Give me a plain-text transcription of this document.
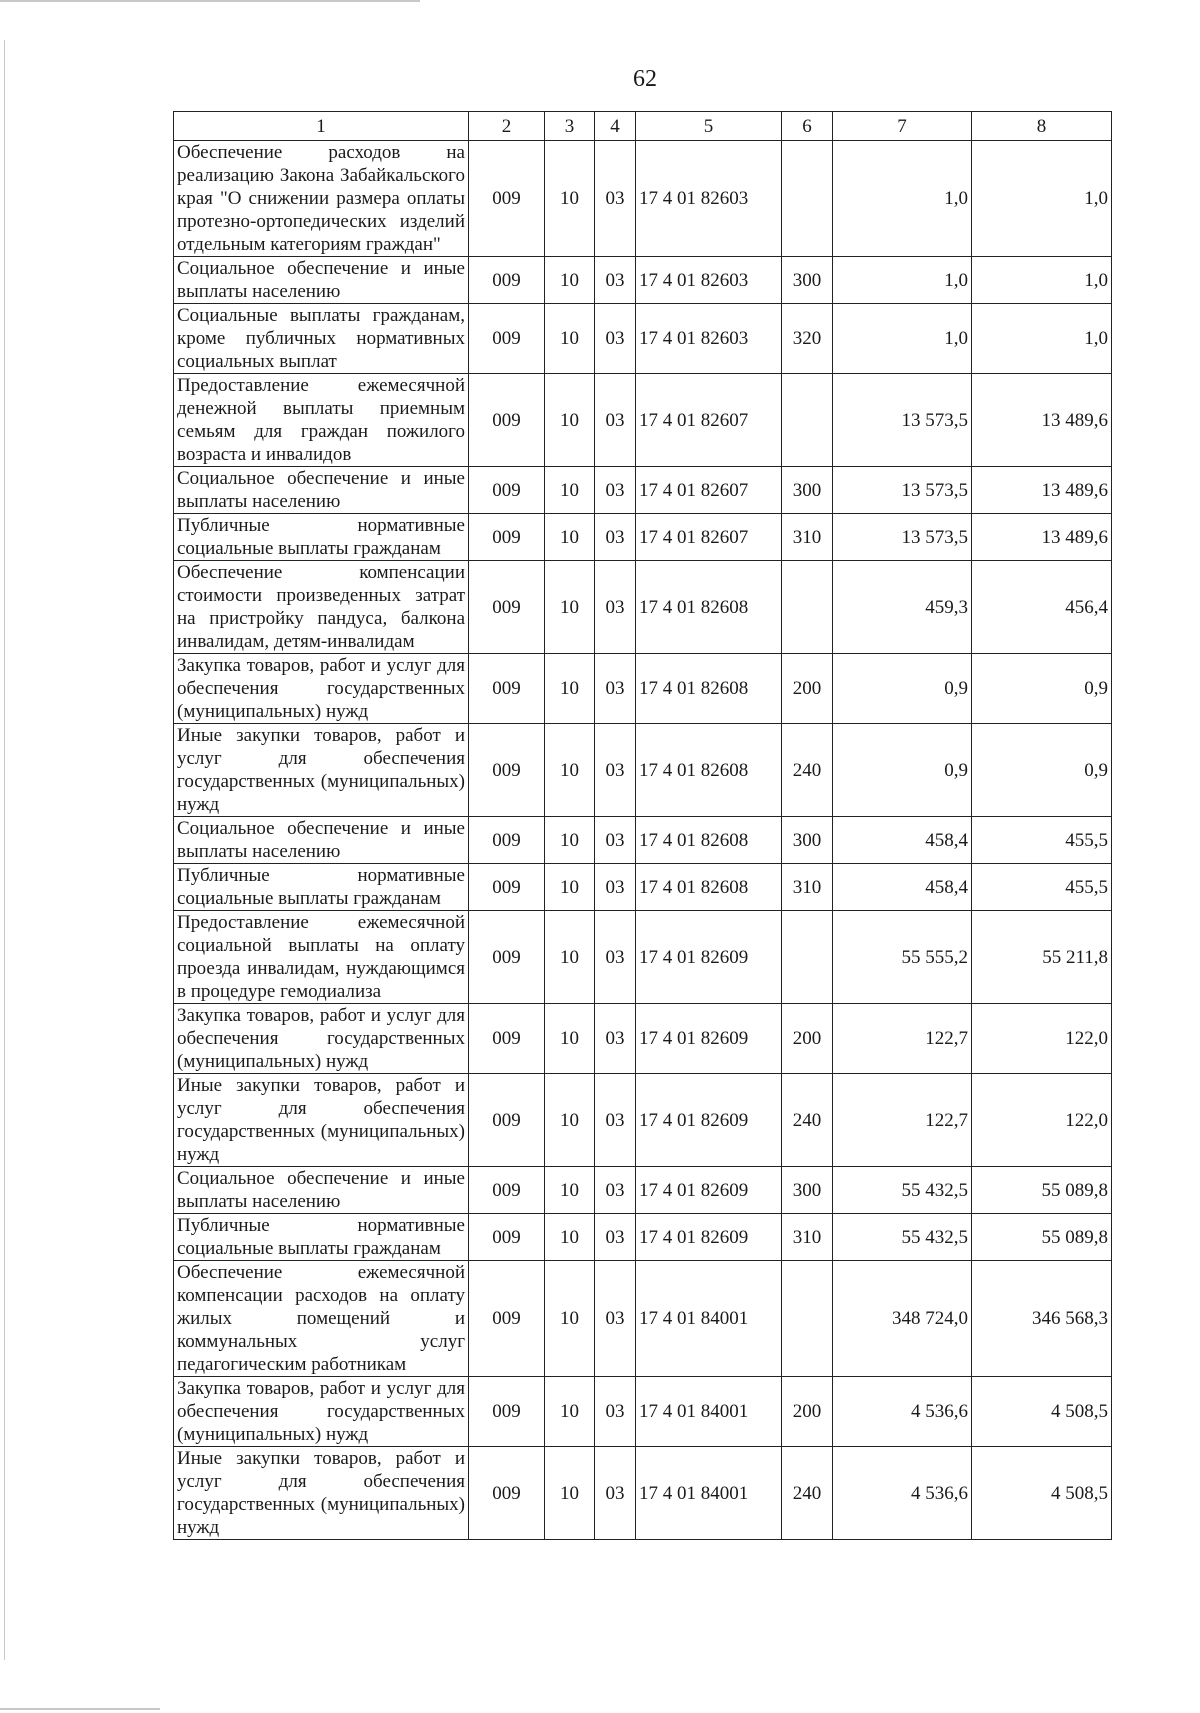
62
1	2	3	4	5	6	7	8
Обеспечение расходов на реализацию Закона Забайкальского края "О снижении размера оплаты протезно-ортопедических изделий отдельным категориям граждан"	009	10	03	17 4 01 82603		1,0	1,0
Социальное обеспечение и иные выплаты населению	009	10	03	17 4 01 82603	300	1,0	1,0
Социальные выплаты гражданам, кроме публичных нормативных социальных выплат	009	10	03	17 4 01 82603	320	1,0	1,0
Предоставление ежемесячной денежной выплаты приемным семьям для граждан пожилого возраста и инвалидов	009	10	03	17 4 01 82607		13 573,5	13 489,6
Социальное обеспечение и иные выплаты населению	009	10	03	17 4 01 82607	300	13 573,5	13 489,6
Публичные нормативные социальные выплаты гражданам	009	10	03	17 4 01 82607	310	13 573,5	13 489,6
Обеспечение компенсации стоимости произведенных затрат на пристройку пандуса, балкона инвалидам, детям-инвалидам	009	10	03	17 4 01 82608		459,3	456,4
Закупка товаров, работ и услуг для обеспечения государственных (муниципальных) нужд	009	10	03	17 4 01 82608	200	0,9	0,9
Иные закупки товаров, работ и услуг для обеспечения государственных (муниципальных) нужд	009	10	03	17 4 01 82608	240	0,9	0,9
Социальное обеспечение и иные выплаты населению	009	10	03	17 4 01 82608	300	458,4	455,5
Публичные нормативные социальные выплаты гражданам	009	10	03	17 4 01 82608	310	458,4	455,5
Предоставление ежемесячной социальной выплаты на оплату проезда инвалидам, нуждающимся в процедуре гемодиализа	009	10	03	17 4 01 82609		55 555,2	55 211,8
Закупка товаров, работ и услуг для обеспечения государственных (муниципальных) нужд	009	10	03	17 4 01 82609	200	122,7	122,0
Иные закупки товаров, работ и услуг для обеспечения государственных (муниципальных) нужд	009	10	03	17 4 01 82609	240	122,7	122,0
Социальное обеспечение и иные выплаты населению	009	10	03	17 4 01 82609	300	55 432,5	55 089,8
Публичные нормативные социальные выплаты гражданам	009	10	03	17 4 01 82609	310	55 432,5	55 089,8
Обеспечение ежемесячной компенсации расходов на оплату жилых помещений и коммунальных услуг педагогическим работникам	009	10	03	17 4 01 84001		348 724,0	346 568,3
Закупка товаров, работ и услуг для обеспечения государственных (муниципальных) нужд	009	10	03	17 4 01 84001	200	4 536,6	4 508,5
Иные закупки товаров, работ и услуг для обеспечения государственных (муниципальных) нужд	009	10	03	17 4 01 84001	240	4 536,6	4 508,5
